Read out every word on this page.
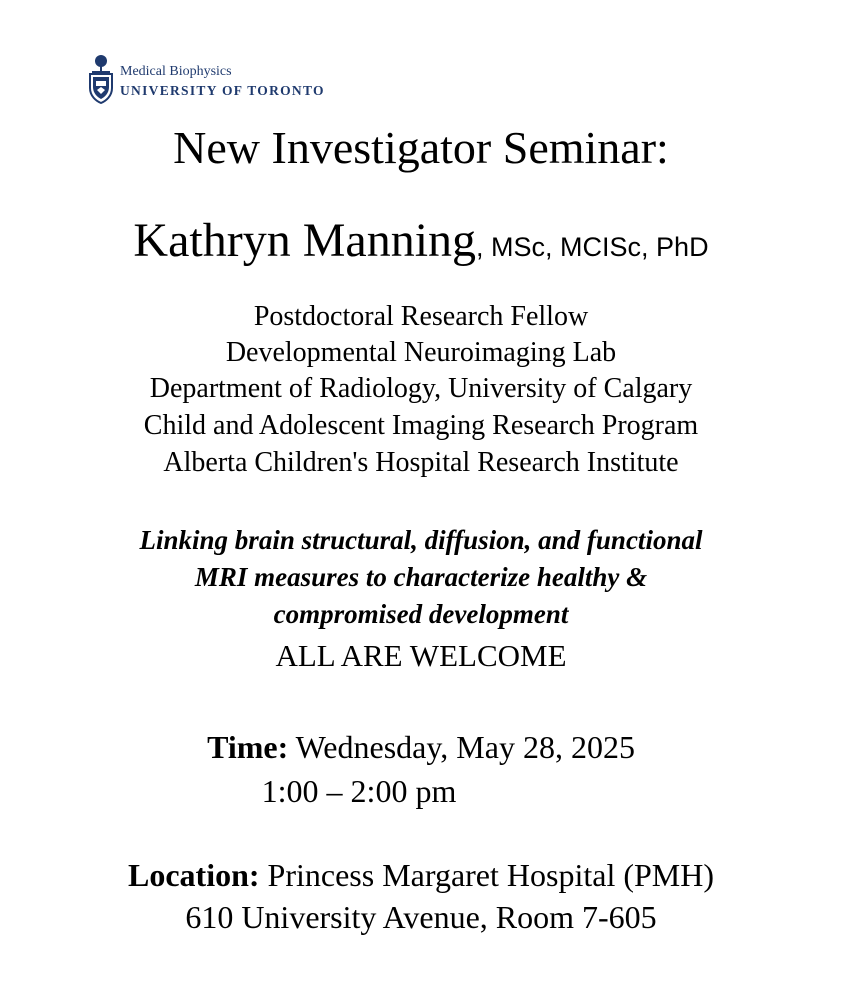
Medical Biophysics
UNIVERSITY OF TORONTO
New Investigator Seminar:
Kathryn Manning, MSc, MCISc, PhD
Postdoctoral Research Fellow
Developmental Neuroimaging Lab
Department of Radiology, University of Calgary
Child and Adolescent Imaging Research Program
Alberta Children's Hospital Research Institute
Linking brain structural, diffusion, and functional
MRI measures to characterize healthy &
compromised development
ALL ARE WELCOME
Time: Wednesday, May 28, 2025
1:00 – 2:00 pm
Location: Princess Margaret Hospital (PMH)
610 University Avenue, Room 7-605
